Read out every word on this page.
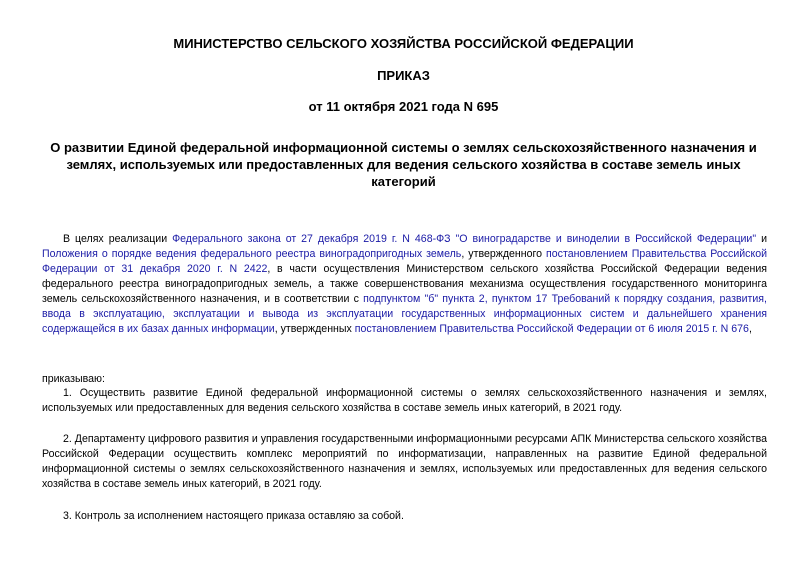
МИНИСТЕРСТВО СЕЛЬСКОГО ХОЗЯЙСТВА РОССИЙСКОЙ ФЕДЕРАЦИИ
ПРИКАЗ
от 11 октября 2021 года N 695
О развитии Единой федеральной информационной системы о землях сельскохозяйственного назначения и землях, используемых или предоставленных для ведения сельского хозяйства в составе земель иных категорий
В целях реализации Федерального закона от 27 декабря 2019 г. N 468-ФЗ "О виноградарстве и виноделии в Российской Федерации" и Положения о порядке ведения федерального реестра виноградопригодных земель, утвержденного постановлением Правительства Российской Федерации от 31 декабря 2020 г. N 2422, в части осуществления Министерством сельского хозяйства Российской Федерации ведения федерального реестра виноградопригодных земель, а также совершенствования механизма осуществления государственного мониторинга земель сельскохозяйственного назначения, и в соответствии с подпунктом "б" пункта 2, пунктом 17 Требований к порядку создания, развития, ввода в эксплуатацию, эксплуатации и вывода из эксплуатации государственных информационных систем и дальнейшего хранения содержащейся в их базах данных информации, утвержденных постановлением Правительства Российской Федерации от 6 июля 2015 г. N 676,
приказываю:
1. Осуществить развитие Единой федеральной информационной системы о землях сельскохозяйственного назначения и землях, используемых или предоставленных для ведения сельского хозяйства в составе земель иных категорий, в 2021 году.
2. Департаменту цифрового развития и управления государственными информационными ресурсами АПК Министерства сельского хозяйства Российской Федерации осуществить комплекс мероприятий по информатизации, направленных на развитие Единой федеральной информационной системы о землях сельскохозяйственного назначения и землях, используемых или предоставленных для ведения сельского хозяйства в составе земель иных категорий, в 2021 году.
3. Контроль за исполнением настоящего приказа оставляю за собой.
